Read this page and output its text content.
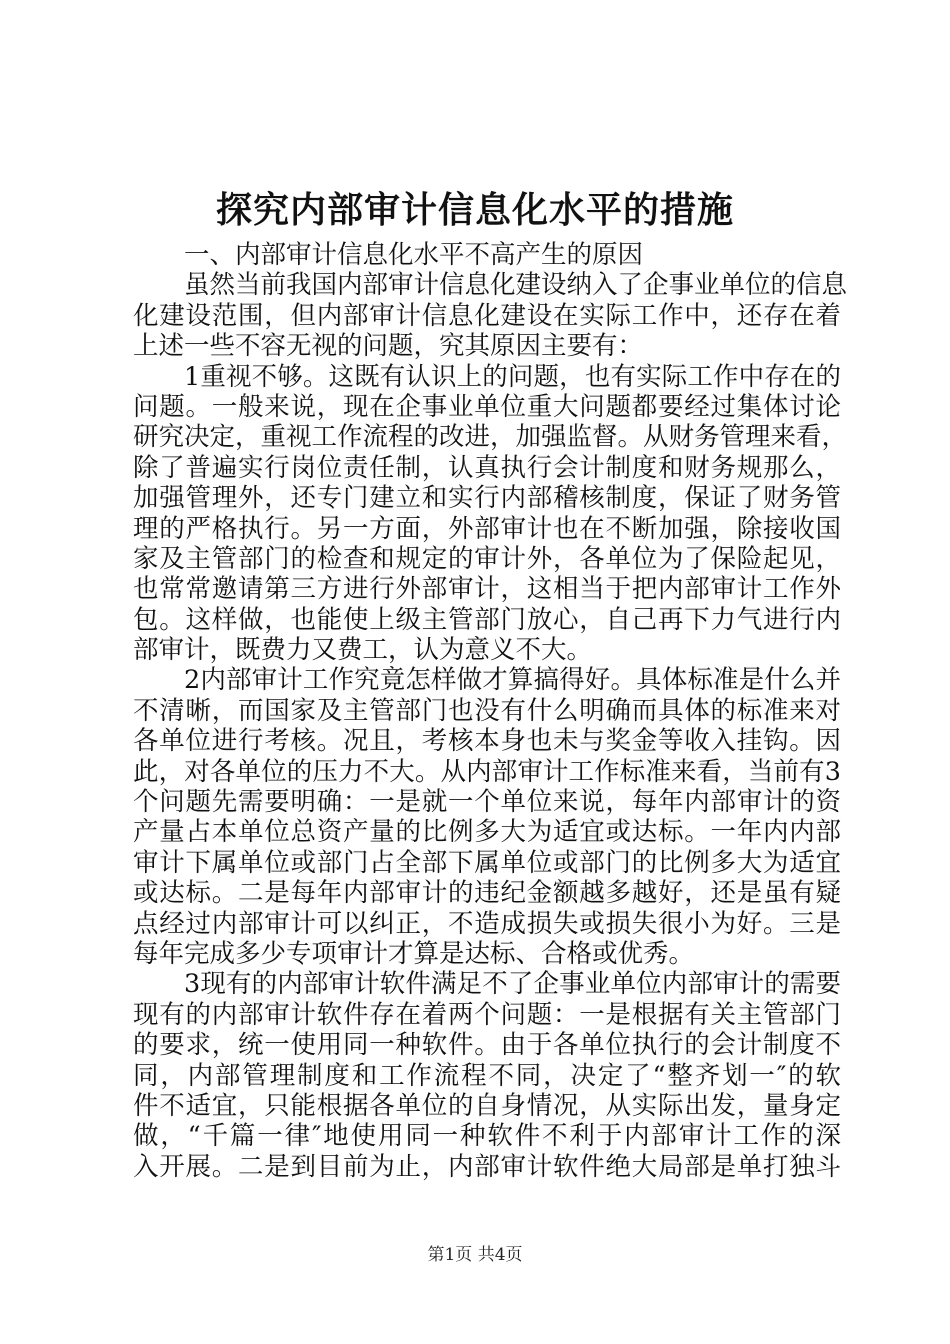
探究内部审计信息化水平的措施
一、内部审计信息化水平不高产生的原因
虽然当前我国内部审计信息化建设纳入了企事业单位的信息
化建设范围，但内部审计信息化建设在实际工作中，还存在着
上述一些不容无视的问题，究其原因主要有：
1重视不够。这既有认识上的问题，也有实际工作中存在的
问题。一般来说，现在企事业单位重大问题都要经过集体讨论
研究决定，重视工作流程的改进，加强监督。从财务管理来看，
除了普遍实行岗位责任制，认真执行会计制度和财务规那么，
加强管理外，还专门建立和实行内部稽核制度，保证了财务管
理的严格执行。另一方面，外部审计也在不断加强，除接收国
家及主管部门的检查和规定的审计外，各单位为了保险起见，
也常常邀请第三方进行外部审计，这相当于把内部审计工作外
包。这样做，也能使上级主管部门放心，自己再下力气进行内
部审计，既费力又费工，认为意义不大。
2内部审计工作究竟怎样做才算搞得好。具体标准是什么并
不清晰，而国家及主管部门也没有什么明确而具体的标准来对
各单位进行考核。况且，考核本身也未与奖金等收入挂钩。因
此，对各单位的压力不大。从内部审计工作标准来看，当前有3
个问题先需要明确：一是就一个单位来说，每年内部审计的资
产量占本单位总资产量的比例多大为适宜或达标。一年内内部
审计下属单位或部门占全部下属单位或部门的比例多大为适宜
或达标。二是每年内部审计的违纪金额越多越好，还是虽有疑
点经过内部审计可以纠正，不造成损失或损失很小为好。三是
每年完成多少专项审计才算是达标、合格或优秀。
3现有的内部审计软件满足不了企事业单位内部审计的需要
现有的内部审计软件存在着两个问题：一是根据有关主管部门
的要求，统一使用同一种软件。由于各单位执行的会计制度不
同，内部管理制度和工作流程不同，决定了“整齐划一″的软
件不适宜，只能根据各单位的自身情况，从实际出发，量身定
做，“千篇一律″地使用同一种软件不利于内部审计工作的深
入开展。二是到目前为止，内部审计软件绝大局部是单打独斗
第1页 共4页
